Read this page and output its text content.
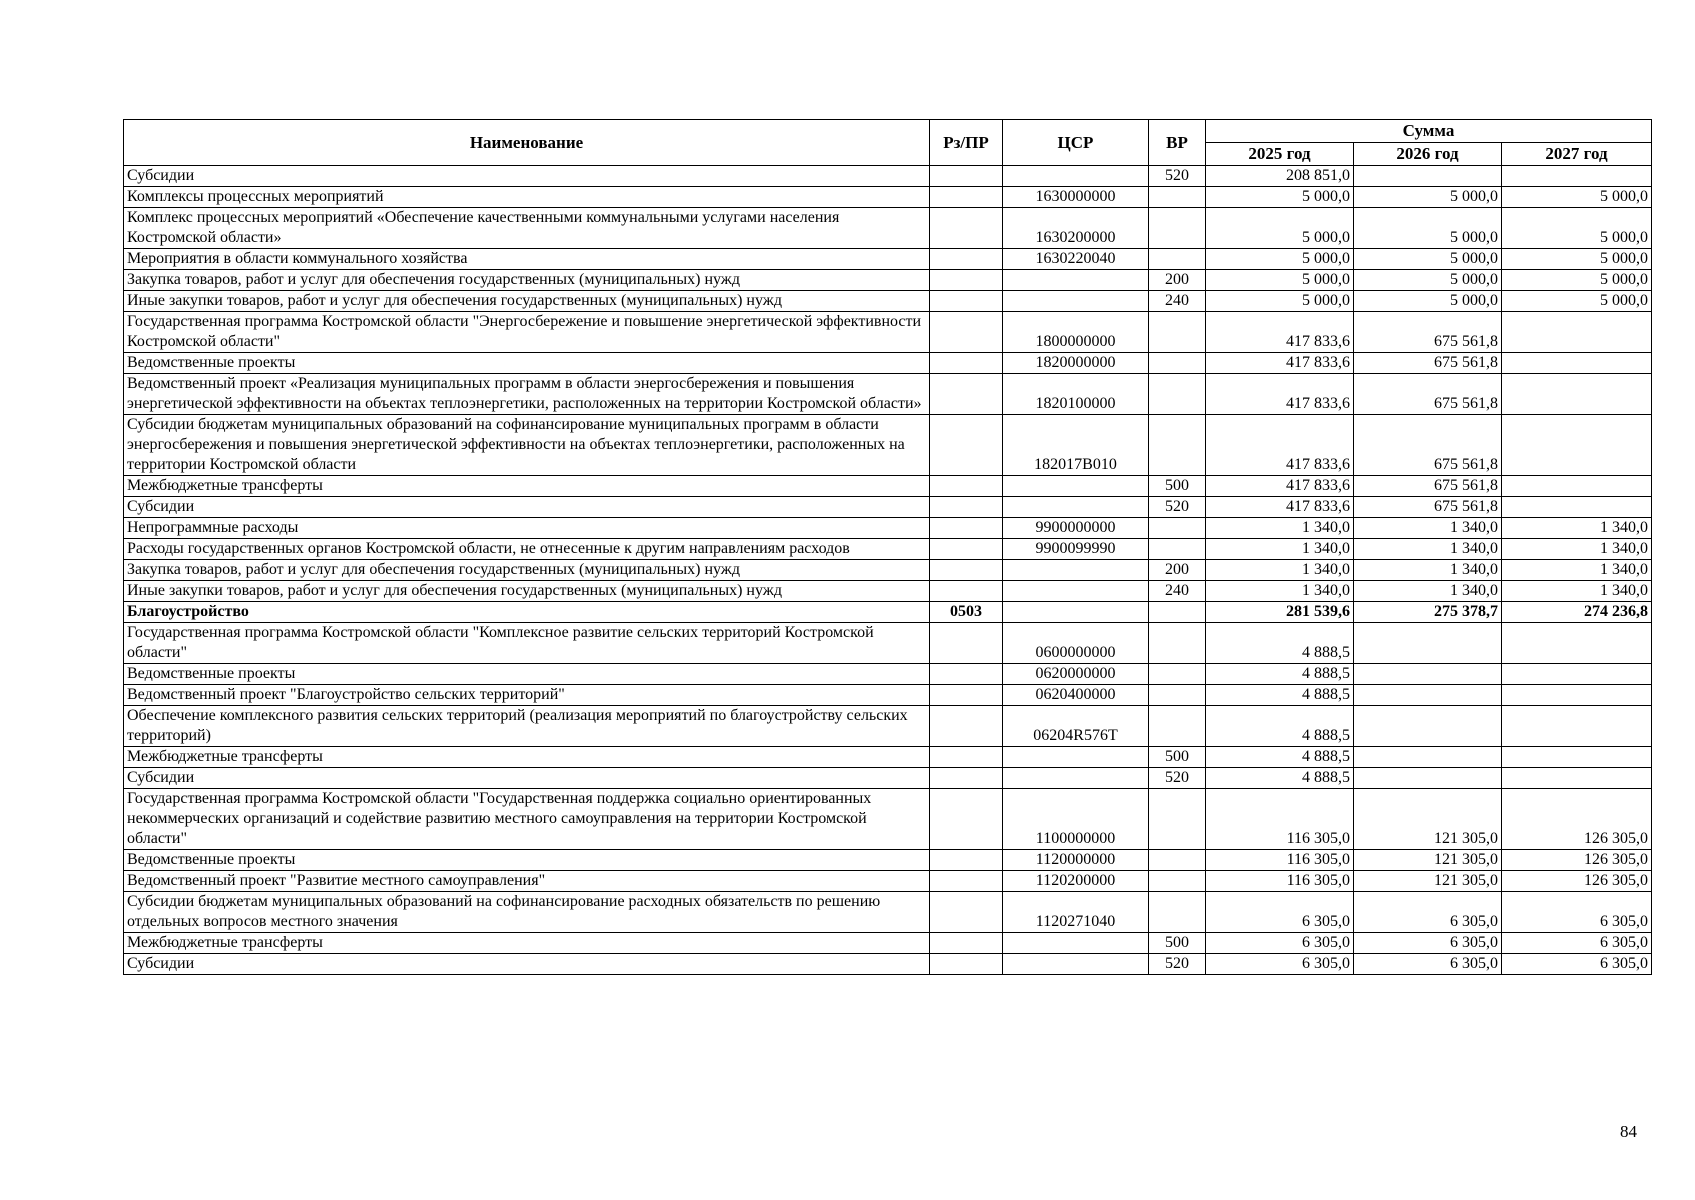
Наименование	Рз/ПР	ЦСР	ВР	Сумма		
				2025 год	2026 год	2027 год
Субсидии			520	208 851,0		
Комплексы процессных мероприятий		1630000000		5 000,0	5 000,0	5 000,0
Комплекс процессных мероприятий «Обеспечение качественными коммунальными услугами населения Костромской области»		1630200000		5 000,0	5 000,0	5 000,0
Мероприятия в области коммунального хозяйства		1630220040		5 000,0	5 000,0	5 000,0
Закупка товаров, работ и услуг для обеспечения государственных (муниципальных) нужд			200	5 000,0	5 000,0	5 000,0
Иные закупки товаров, работ и услуг для обеспечения государственных (муниципальных) нужд			240	5 000,0	5 000,0	5 000,0
Государственная программа Костромской области "Энергосбережение и повышение энергетической эффективности Костромской области"		1800000000		417 833,6	675 561,8	
Ведомственные проекты		1820000000		417 833,6	675 561,8	
Ведомственный проект «Реализация муниципальных программ в области энергосбережения и повышения энергетической эффективности на объектах теплоэнергетики, расположенных на территории Костромской области»		1820100000		417 833,6	675 561,8	
Субсидии бюджетам муниципальных образований на софинансирование муниципальных программ в области энергосбережения и повышения энергетической эффективности на объектах теплоэнергетики, расположенных на территории Костромской области		182017В010		417 833,6	675 561,8	
Межбюджетные трансферты			500	417 833,6	675 561,8	
Субсидии			520	417 833,6	675 561,8	
Непрограммные расходы		9900000000		1 340,0	1 340,0	1 340,0
Расходы государственных органов Костромской области, не отнесенные к другим направлениям расходов		9900099990		1 340,0	1 340,0	1 340,0
Закупка товаров, работ и услуг для обеспечения государственных (муниципальных) нужд			200	1 340,0	1 340,0	1 340,0
Иные закупки товаров, работ и услуг для обеспечения государственных (муниципальных) нужд			240	1 340,0	1 340,0	1 340,0
Благоустройство	0503			281 539,6	275 378,7	274 236,8
Государственная программа Костромской области "Комплексное развитие сельских территорий Костромской области"		0600000000		4 888,5		
Ведомственные проекты		0620000000		4 888,5		
Ведомственный проект "Благоустройство сельских территорий"		0620400000		4 888,5		
Обеспечение комплексного развития сельских территорий (реализация мероприятий по благоустройству сельских территорий)		06204R576T		4 888,5		
Межбюджетные трансферты			500	4 888,5		
Субсидии			520	4 888,5		
Государственная программа Костромской области "Государственная поддержка социально ориентированных некоммерческих организаций и содействие развитию местного самоуправления на территории Костромской области"		1100000000		116 305,0	121 305,0	126 305,0
Ведомственные проекты		1120000000		116 305,0	121 305,0	126 305,0
Ведомственный проект "Развитие местного самоуправления"		1120200000		116 305,0	121 305,0	126 305,0
Субсидии бюджетам муниципальных образований на софинансирование расходных обязательств по решению отдельных вопросов местного значения		1120271040		6 305,0	6 305,0	6 305,0
Межбюджетные трансферты			500	6 305,0	6 305,0	6 305,0
Субсидии			520	6 305,0	6 305,0	6 305,0
84
